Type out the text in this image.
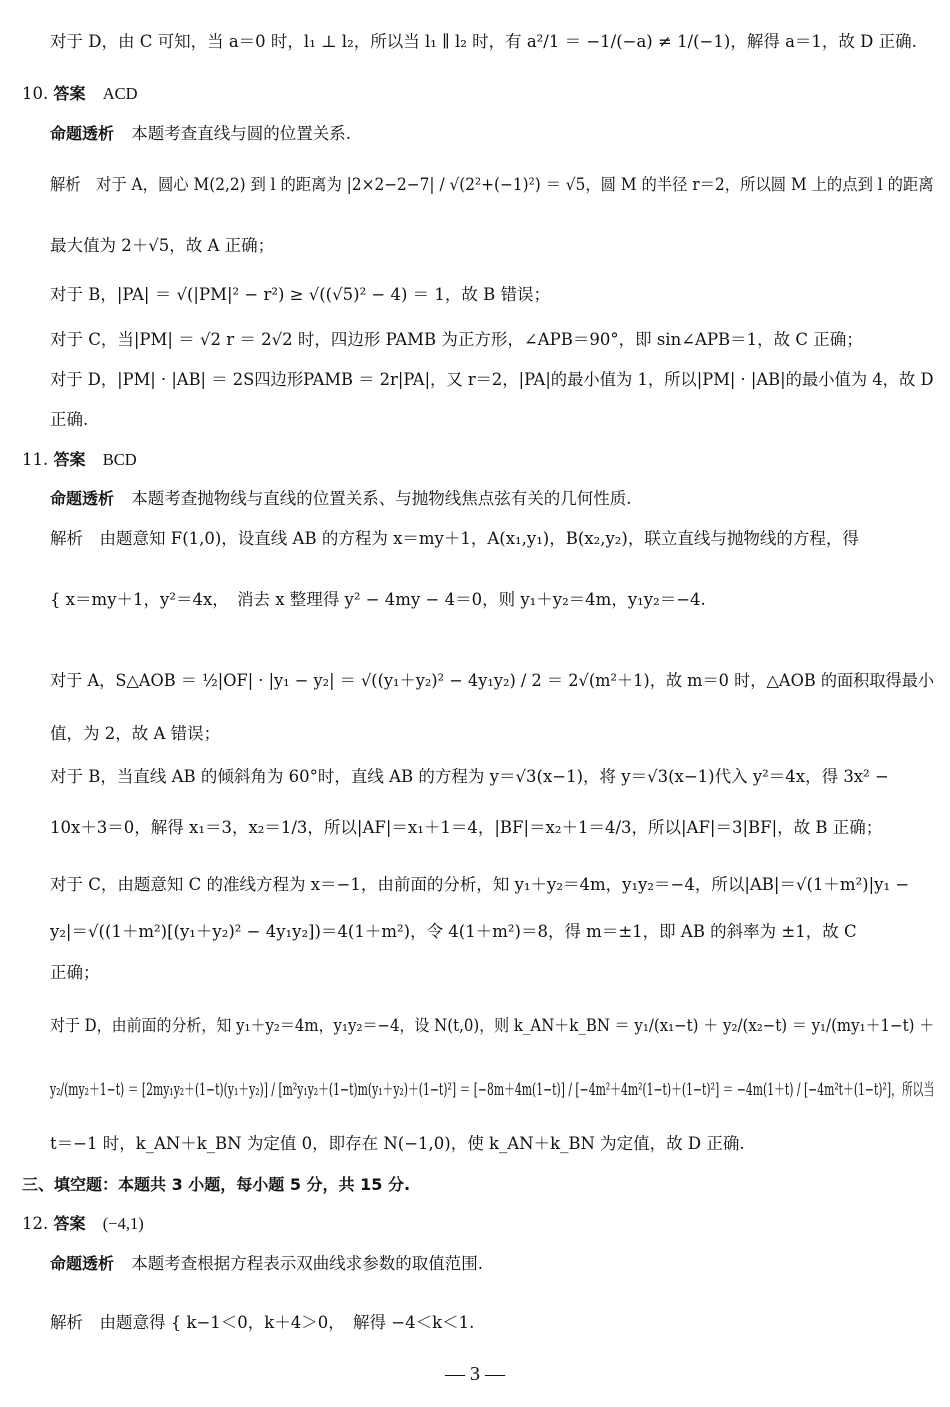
对于 D，由 C 可知，当 a＝0 时，l₁ ⊥ l₂，所以当 l₁ ∥ l₂ 时，有 a²/1 ＝ −1/(−a) ≠ 1/(−1)，解得 a＝1，故 D 正确.
10. 答案 ACD
命题透析 本题考查直线与圆的位置关系.
解析　对于 A，圆心 M(2,2) 到 l 的距离为 |2×2−2−7| / √(2²+(−1)²) ＝ √5，圆 M 的半径 r＝2，所以圆 M 上的点到 l 的距离
最大值为 2＋√5，故 A 正确；
对于 B，|PA| ＝ √(|PM|² − r²) ≥ √((√5)² − 4) ＝ 1，故 B 错误；
对于 C，当|PM| ＝ √2 r ＝ 2√2 时，四边形 PAMB 为正方形，∠APB＝90°，即 sin∠APB＝1，故 C 正确；
对于 D，|PM| · |AB| ＝ 2S四边形PAMB ＝ 2r|PA|，又 r＝2，|PA|的最小值为 1，所以|PM| · |AB|的最小值为 4，故 D
正确.
11. 答案 BCD
命题透析 本题考查抛物线与直线的位置关系、与抛物线焦点弦有关的几何性质.
解析　由题意知 F(1,0)，设直线 AB 的方程为 x＝my＋1，A(x₁,y₁)，B(x₂,y₂)，联立直线与抛物线的方程，得
{ x＝my＋1，y²＝4x，　消去 x 整理得 y² − 4my − 4＝0，则 y₁＋y₂＝4m，y₁y₂＝−4.
对于 A，S△AOB ＝ ½|OF| · |y₁ − y₂| ＝ √((y₁＋y₂)² − 4y₁y₂) / 2 ＝ 2√(m²＋1)，故 m＝0 时，△AOB 的面积取得最小
值，为 2，故 A 错误；
对于 B，当直线 AB 的倾斜角为 60°时，直线 AB 的方程为 y＝√3(x−1)，将 y＝√3(x−1)代入 y²＝4x，得 3x² −
10x＋3＝0，解得 x₁＝3，x₂＝1/3，所以|AF|＝x₁＋1＝4，|BF|＝x₂＋1＝4/3，所以|AF|＝3|BF|，故 B 正确；
对于 C，由题意知 C 的准线方程为 x＝−1，由前面的分析，知 y₁＋y₂＝4m，y₁y₂＝−4，所以|AB|＝√(1＋m²)|y₁ −
y₂|＝√((1＋m²)[(y₁＋y₂)² − 4y₁y₂])＝4(1＋m²)，令 4(1＋m²)＝8，得 m＝±1，即 AB 的斜率为 ±1，故 C
正确；
对于 D，由前面的分析，知 y₁＋y₂＝4m，y₁y₂＝−4，设 N(t,0)，则 k_AN＋k_BN ＝ y₁/(x₁−t) ＋ y₂/(x₂−t) ＝ y₁/(my₁＋1−t) ＋
y₂/(my₂＋1−t) ＝ [2my₁y₂＋(1−t)(y₁＋y₂)] / [m²y₁y₂＋(1−t)m(y₁＋y₂)＋(1−t)²] ＝ [−8m＋4m(1−t)] / [−4m²＋4m²(1−t)＋(1−t)²] ＝ −4m(1＋t) / [−4m²t＋(1−t)²]，所以当
t＝−1 时，k_AN＋k_BN 为定值 0，即存在 N(−1,0)，使 k_AN＋k_BN 为定值，故 D 正确.
三、填空题：本题共 3 小题，每小题 5 分，共 15 分.
12. 答案 (−4,1)
命题透析 本题考查根据方程表示双曲线求参数的取值范围.
解析　由题意得 { k−1＜0，k＋4＞0，　解得 −4＜k＜1.
— 3 —
